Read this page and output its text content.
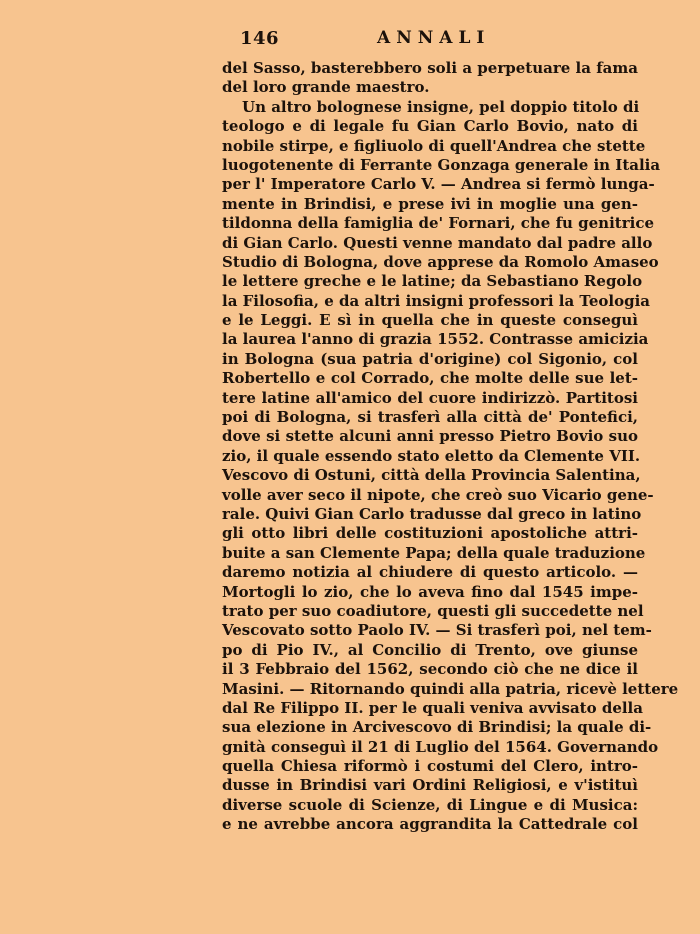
146	ANNALI
del Sasso, basterebbero soli a perpetuare la fama
del loro grande maestro.
Un altro bolognese insigne, pel doppio titolo di
teologo e di legale fu Gian Carlo Bovio, nato di
nobile stirpe, e figliuolo di quell'Andrea che stette
luogotenente di Ferrante Gonzaga generale in Italia
per l' Imperatore Carlo V. — Andrea si fermò lunga-
mente in Brindisi, e prese ivi in moglie una gen-
tildonna della famiglia de' Fornari, che fu genitrice
di Gian Carlo. Questi venne mandato dal padre allo
Studio di Bologna, dove apprese da Romolo Amaseo
le lettere greche e le latine; da Sebastiano Regolo
la Filosofia, e da altri insigni professori la Teologia
e le Leggi. E sì in quella che in queste conseguì
la laurea l'anno di grazia 1552. Contrasse amicizia
in Bologna (sua patria d'origine) col Sigonio, col
Robertello e col Corrado, che molte delle sue let-
tere latine all'amico del cuore indirizzò. Partitosi
poi di Bologna, si trasferì alla città de' Pontefici,
dove si stette alcuni anni presso Pietro Bovio suo
zio, il quale essendo stato eletto da Clemente VII.
Vescovo di Ostuni, città della Provincia Salentina,
volle aver seco il nipote, che creò suo Vicario gene-
rale. Quivi Gian Carlo tradusse dal greco in latino
gli otto libri delle costituzioni apostoliche attri-
buite a san Clemente Papa; della quale traduzione
daremo notizia al chiudere di questo articolo. —
Mortogli lo zio, che lo aveva fino dal 1545 impe-
trato per suo coadiutore, questi gli succedette nel
Vescovato sotto Paolo IV. — Si trasferì poi, nel tem-
po di Pio IV., al Concilio di Trento, ove giunse
il 3 Febbraio del 1562, secondo ciò che ne dice il
Masini. — Ritornando quindi alla patria, ricevè lettere
dal Re Filippo II. per le quali veniva avvisato della
sua elezione in Arcivescovo di Brindisi; la quale di-
gnità conseguì il 21 di Luglio del 1564. Governando
quella Chiesa riformò i costumi del Clero, intro-
dusse in Brindisi vari Ordini Religiosi, e v'istituì
diverse scuole di Scienze, di Lingue e di Musica:
e ne avrebbe ancora aggrandita la Cattedrale col
